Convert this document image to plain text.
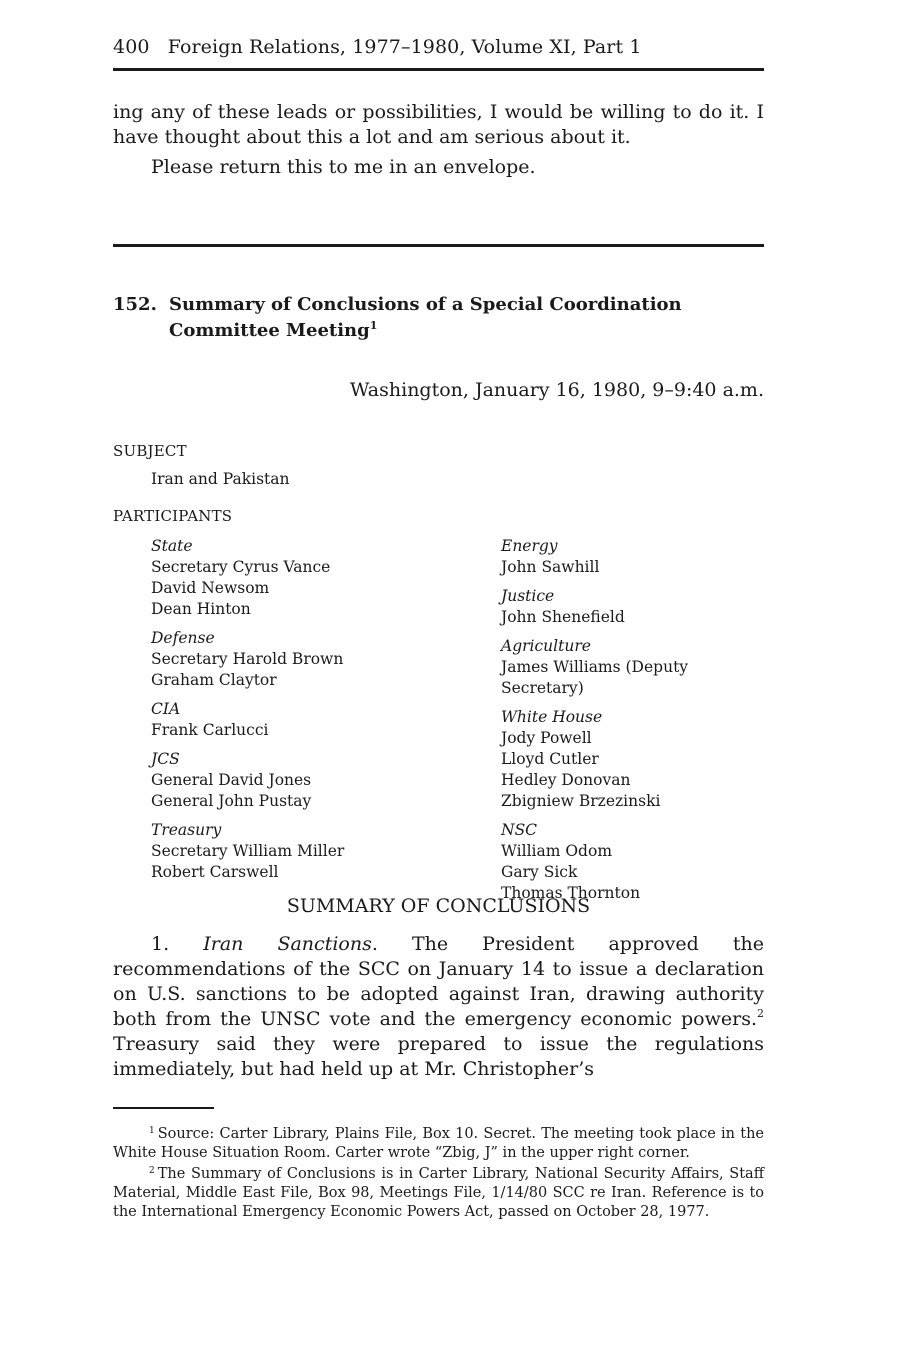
400 Foreign Relations, 1977–1980, Volume XI, Part 1
ing any of these leads or possibilities, I would be willing to do it. I have thought about this a lot and am serious about it.
Please return this to me in an envelope.
152. Summary of Conclusions of a Special Coordination Committee Meeting$^1$
Washington, January 16, 1980, 9–9:40 a.m.
SUBJECT
Iran and Pakistan
PARTICIPANTS
State
Secretary Cyrus Vance
David Newsom
Dean Hinton
Defense
Secretary Harold Brown
Graham Claytor
CIA
Frank Carlucci
JCS
General David Jones
General John Pustay
Treasury
Secretary William Miller
Robert Carswell
Energy
John Sawhill
Justice
John Shenefield
Agriculture
James Williams (Deputy Secretary)
White House
Jody Powell
Lloyd Cutler
Hedley Donovan
Zbigniew Brzezinski
NSC
William Odom
Gary Sick
Thomas Thornton
SUMMARY OF CONCLUSIONS
1. Iran Sanctions. The President approved the recommendations of the SCC on January 14 to issue a declaration on U.S. sanctions to be adopted against Iran, drawing authority both from the UNSC vote and the emergency economic powers.$^2$ Treasury said they were prepared to issue the regulations immediately, but had held up at Mr. Christopher’s

$^1$ Source: Carter Library, Plains File, Box 10. Secret. The meeting took place in the White House Situation Room. Carter wrote “Zbig, J” in the upper right corner.

$^2$ The Summary of Conclusions is in Carter Library, National Security Affairs, Staff Material, Middle East File, Box 98, Meetings File, 1/14/80 SCC re Iran. Reference is to the International Emergency Economic Powers Act, passed on October 28, 1977.
